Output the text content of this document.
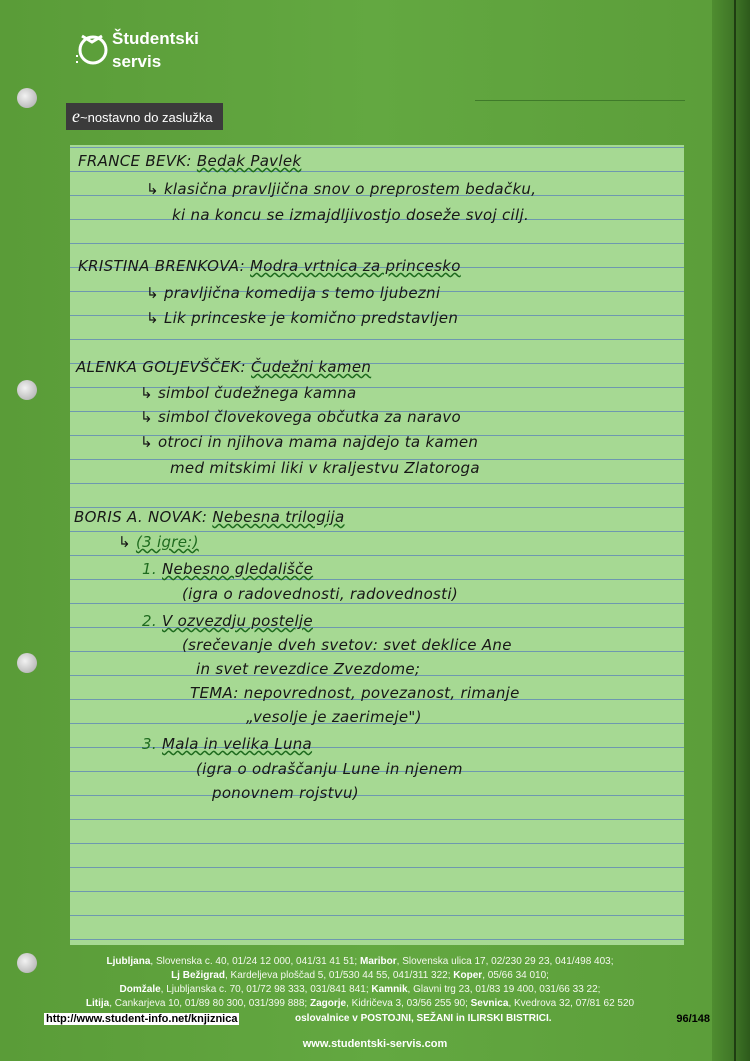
Študentski
servis
e~nostavno do zaslužka
FRANCE BEVK: Bedak Pavlek
↳ klasična pravljična snov o preprostem bedačku,
ki na koncu se izmajdljivostjo doseže svoj cilj.
KRISTINA BRENKOVA: Modra vrtnica za princesko
↳ pravljična komedija s temo ljubezni
↳ Lik princeske je komično predstavljen
ALENKA GOLJEVŠČEK: Čudežni kamen
↳ simbol čudežnega kamna
↳ simbol človekovega občutka za naravo
↳ otroci in njihova mama najdejo ta kamen
med mitskimi liki v kraljestvu Zlatoroga
BORIS A. NOVAK: Nebesna trilogija
↳ (3 igre:)
1. Nebesno gledališče
(igra o radovednosti, radovednosti)
2. V ozvezdju postelje
(srečevanje dveh svetov: svet deklice Ane
in svet revezdice Zvezdome;
TEMA: nepovrednost, povezanost, rimanje
„vesolje je zaerimeje")
3. Mala in velika Luna
(igra o odraščanju Lune in njenem
ponovnem rojstvu)
Ljubljana, Slovenska c. 40, 01/24 12 000, 041/31 41 51; Maribor, Slovenska ulica 17, 02/230 29 23, 041/498 403;
Lj Bežigrad, Kardeljeva ploščad 5, 01/530 44 55, 041/311 322; Koper, 05/66 34 010;
Domžale, Ljubljanska c. 70, 01/72 98 333, 031/841 841; Kamnik, Glavni trg 23, 01/83 19 400, 031/66 33 22;
Litija, Cankarjeva 10, 01/89 80 300, 031/399 888; Zagorje, Kidričeva 3, 03/56 255 90; Sevnica, Kvedrova 32, 07/81 62 520
http://www.student-info.net/knjiznica	oslovalnice v POSTOJNI, SEŽANI in ILIRSKI BISTRICI.	96/148
www.studentski-servis.com
